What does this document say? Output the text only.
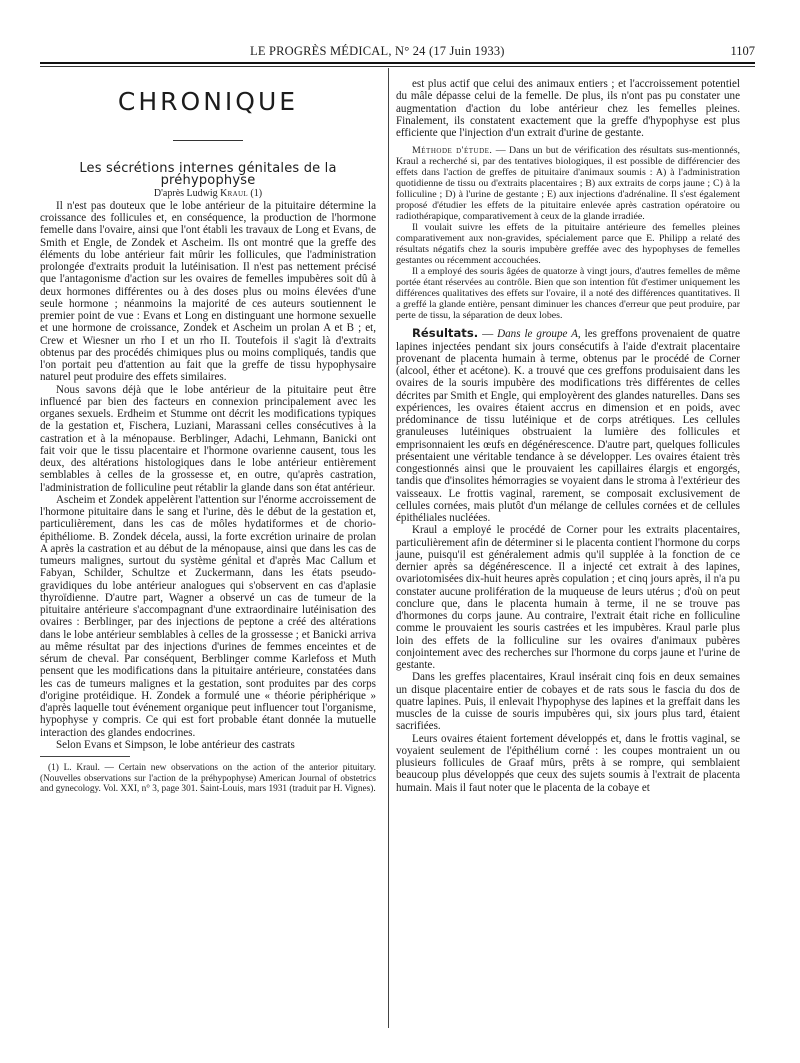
LE PROGRÈS MÉDICAL, N° 24 (17 Juin 1933)	1107
CHRONIQUE
Les sécrétions internes génitales de la préhypophyse

D'après Ludwig Kraul (1)

Il n'est pas douteux que le lobe antérieur de la pituitaire détermine la croissance des follicules et, en conséquence, la production de l'hormone femelle dans l'ovaire, ainsi que l'ont établi les travaux de Long et Evans, de Smith et Engle, de Zondek et Ascheim. Ils ont montré que la greffe des éléments du lobe antérieur fait mûrir les follicules, que l'administration prolongée d'extraits produit la lutéinisation. Il n'est pas nettement précisé que l'antagonisme d'action sur les ovaires de femelles impubères soit dû à deux hormones différentes ou à des doses plus ou moins élevées d'une seule hormone ; néanmoins la majorité de ces auteurs soutiennent le premier point de vue : Evans et Long en distinguant une hormone sexuelle et une hormone de croissance, Zondek et Ascheim un prolan A et B ; et, Crew et Wiesner un rho I et un rho II. Toutefois il s'agit là d'extraits obtenus par des procédés chimiques plus ou moins compliqués, tandis que l'on portait peu d'attention au fait que la greffe de tissu hypophysaire naturel peut produire des effets similaires.

Nous savons déjà que le lobe antérieur de la pituitaire peut être influencé par bien des facteurs en connexion principalement avec les organes sexuels. Erdheim et Stumme ont décrit les modifications typiques de la gestation et, Fischera, Luziani, Marassani celles consécutives à la castration et à la ménopause. Berblinger, Adachi, Lehmann, Banicki ont fait voir que le tissu placentaire et l'hormone ovarienne causent, tous les deux, des altérations histologiques dans le lobe antérieur entièrement semblables à celles de la grossesse et, en outre, qu'après castration, l'administration de folliculine peut rétablir la glande dans son état antérieur.

Ascheim et Zondek appelèrent l'attention sur l'énorme accroissement de l'hormone pituitaire dans le sang et l'urine, dès le début de la gestation et, particulièrement, dans les cas de môles hydatiformes et de chorio-épithéliome. B. Zondek décela, aussi, la forte excrétion urinaire de prolan A après la castration et au début de la ménopause, ainsi que dans les cas de tumeurs malignes, surtout du système génital et d'après Mac Callum et Fabyan, Schilder, Schultze et Zuckermann, dans les états pseudo-gravidiques du lobe antérieur analogues qui s'observent en cas d'aplasie thyroïdienne. D'autre part, Wagner a observé un cas de tumeur de la pituitaire antérieure s'accompagnant d'une extraordinaire lutéinisation des ovaires : Berblinger, par des injections de peptone a créé des altérations dans le lobe antérieur semblables à celles de la grossesse ; et Banicki arriva au même résultat par des injections d'urines de femmes enceintes et de sérum de cheval. Par conséquent, Berblinger comme Karlefoss et Muth pensent que les modifications dans la pituitaire antérieure, constatées dans les cas de tumeurs malignes et la gestation, sont produites par des corps d'origine protéidique. H. Zondek a formulé une « théorie périphérique » d'après laquelle tout événement organique peut influencer tout l'organisme, hypophyse y compris. Ce qui est fort probable étant donnée la mutuelle interaction des glandes endocrines.

Selon Evans et Simpson, le lobe antérieur des castrats

(1) L. Kraul. — Certain new observations on the action of the anterior pituitary. (Nouvelles observations sur l'action de la préhypophyse) American Journal of obstetrics and gynecology. Vol. XXI, n° 3, page 301. Saint-Louis, mars 1931 (traduit par H. Vignes).

est plus actif que celui des animaux entiers ; et l'accroissement potentiel du mâle dépasse celui de la femelle. De plus, ils n'ont pas pu constater une augmentation d'action du lobe antérieur chez les femelles pleines. Finalement, ils constatent exactement que la greffe d'hypophyse est plus efficiente que l'injection d'un extrait d'urine de gestante.

Méthode d'étude. — Dans un but de vérification des résultats sus-mentionnés, Kraul a recherché si, par des tentatives biologiques, il est possible de différencier des effets dans l'action de greffes de pituitaire d'animaux soumis : A) à l'administration quotidienne de tissu ou d'extraits placentaires ; B) aux extraits de corps jaune ; C) à la folliculine ; D) à l'urine de gestante ; E) aux injections d'adrénaline. Il s'est également proposé d'étudier les effets de la pituitaire enlevée après castration opératoire ou radiothérapique, comparativement à ceux de la glande irradiée.

Il voulait suivre les effets de la pituitaire antérieure des femelles pleines comparativement aux non-gravides, spécialement parce que E. Philipp a relaté des résultats négatifs chez la souris impubère greffée avec des hypophyses de femelles gestantes ou récemment accouchées.

Il a employé des souris âgées de quatorze à vingt jours, d'autres femelles de même portée étant réservées au contrôle. Bien que son intention fût d'estimer uniquement les différences qualitatives des effets sur l'ovaire, il a noté des différences quantitatives. Il a greffé la glande entière, pensant diminuer les chances d'erreur que peut produire, par perte de tissu, la séparation de deux lobes.

Résultats. — Dans le groupe A, les greffons provenaient de quatre lapines injectées pendant six jours consécutifs à l'aide d'extrait placentaire provenant de placenta humain à terme, obtenus par le procédé de Corner (alcool, éther et acétone). K. a trouvé que ces greffons produisaient dans les ovaires de la souris impubère des modifications très différentes de celles décrites par Smith et Engle, qui employèrent des glandes naturelles. Dans ses expériences, les ovaires étaient accrus en dimension et en poids, avec prédominance de tissu lutéinique et de corps atrétiques. Les cellules granuleuses lutéiniques obstruaient la lumière des follicules et emprisonnaient les œufs en dégénérescence. D'autre part, quelques follicules présentaient une véritable tendance à se développer. Les ovaires étaient très congestionnés ainsi que le prouvaient les capillaires élargis et engorgés, tandis que d'insolites hémorragies se voyaient dans le stroma à l'extérieur des vaisseaux. Le frottis vaginal, rarement, se composait exclusivement de cellules cornées, mais plutôt d'un mélange de cellules cornées et de cellules épithéliales nucléées.

Kraul a employé le procédé de Corner pour les extraits placentaires, particulièrement afin de déterminer si le placenta contient l'hormone du corps jaune, puisqu'il est généralement admis qu'il supplée à la fonction de ce dernier après sa dégénérescence. Il a injecté cet extrait à des lapines, ovariotomisées dix-huit heures après copulation ; et cinq jours après, il n'a pu constater aucune prolifération de la muqueuse de leurs utérus ; d'où on peut conclure que, dans le placenta humain à terme, il ne se trouve pas d'hormones du corps jaune. Au contraire, l'extrait était riche en folliculine comme le prouvaient les souris castrées et les impubères. Kraul parle plus loin des effets de la folliculine sur les ovaires d'animaux pubères conjointement avec des recherches sur l'hormone du corps jaune et l'urine de gestante.

Dans les greffes placentaires, Kraul insérait cinq fois en deux semaines un disque placentaire entier de cobayes et de rats sous le fascia du dos de quatre lapines. Puis, il enlevait l'hypophyse des lapines et la greffait dans les muscles de la cuisse de souris impubères qui, six jours plus tard, étaient sacrifiées.

Leurs ovaires étaient fortement développés et, dans le frottis vaginal, se voyaient seulement de l'épithélium corné : les coupes montraient un ou plusieurs follicules de Graaf mûrs, prêts à se rompre, qui semblaient beaucoup plus développés que ceux des sujets soumis à l'extrait de placenta humain. Mais il faut noter que le placenta de la cobaye et
